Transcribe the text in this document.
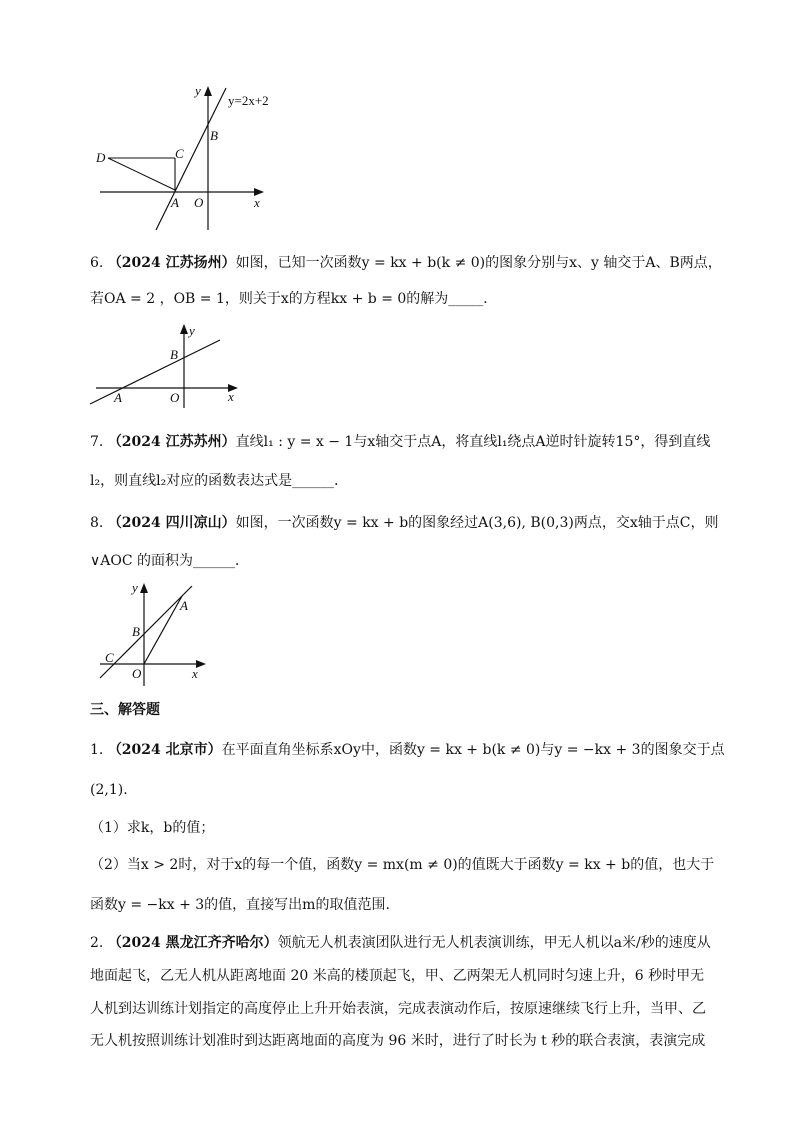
y=2x+2
y
x
B
C
D
A O
6. （2024 江苏扬州）如图，已知一次函数y = kx + b(k ≠ 0)的图象分别与x、y 轴交于A、B两点，
若OA = 2 ，OB = 1，则关于x的方程kx + b = 0的解为_____．
y
x
B
A	O
7. （2024 江苏苏州）直线l₁ : y = x − 1与x轴交于点A，将直线l₁绕点A逆时针旋转15°，得到直线
l₂，则直线l₂对应的函数表达式是______．
8. （2024 四川凉山）如图，一次函数y = kx + b的图象经过A(3,6), B(0,3)两点，交x轴于点C，则
∨AOC 的面积为______．
y
x
A
B
C
O
三、解答题
1. （2024 北京市）在平面直角坐标系xOy中，函数y = kx + b(k ≠ 0)与y = −kx + 3的图象交于点
(2,1).
（1）求k，b的值；
（2）当x > 2时，对于x的每一个值，函数y = mx(m ≠ 0)的值既大于函数y = kx + b的值，也大于
函数y = −kx + 3的值，直接写出m的取值范围.
2. （2024 黑龙江齐齐哈尔）领航无人机表演团队进行无人机表演训练，甲无人机以a米/秒的速度从
地面起飞，乙无人机从距离地面 20 米高的楼顶起飞，甲、乙两架无人机同时匀速上升，6 秒时甲无
人机到达训练计划指定的高度停止上升开始表演，完成表演动作后，按原速继续飞行上升，当甲、乙
无人机按照训练计划准时到达距离地面的高度为 96 米时，进行了时长为 t 秒的联合表演，表演完成
